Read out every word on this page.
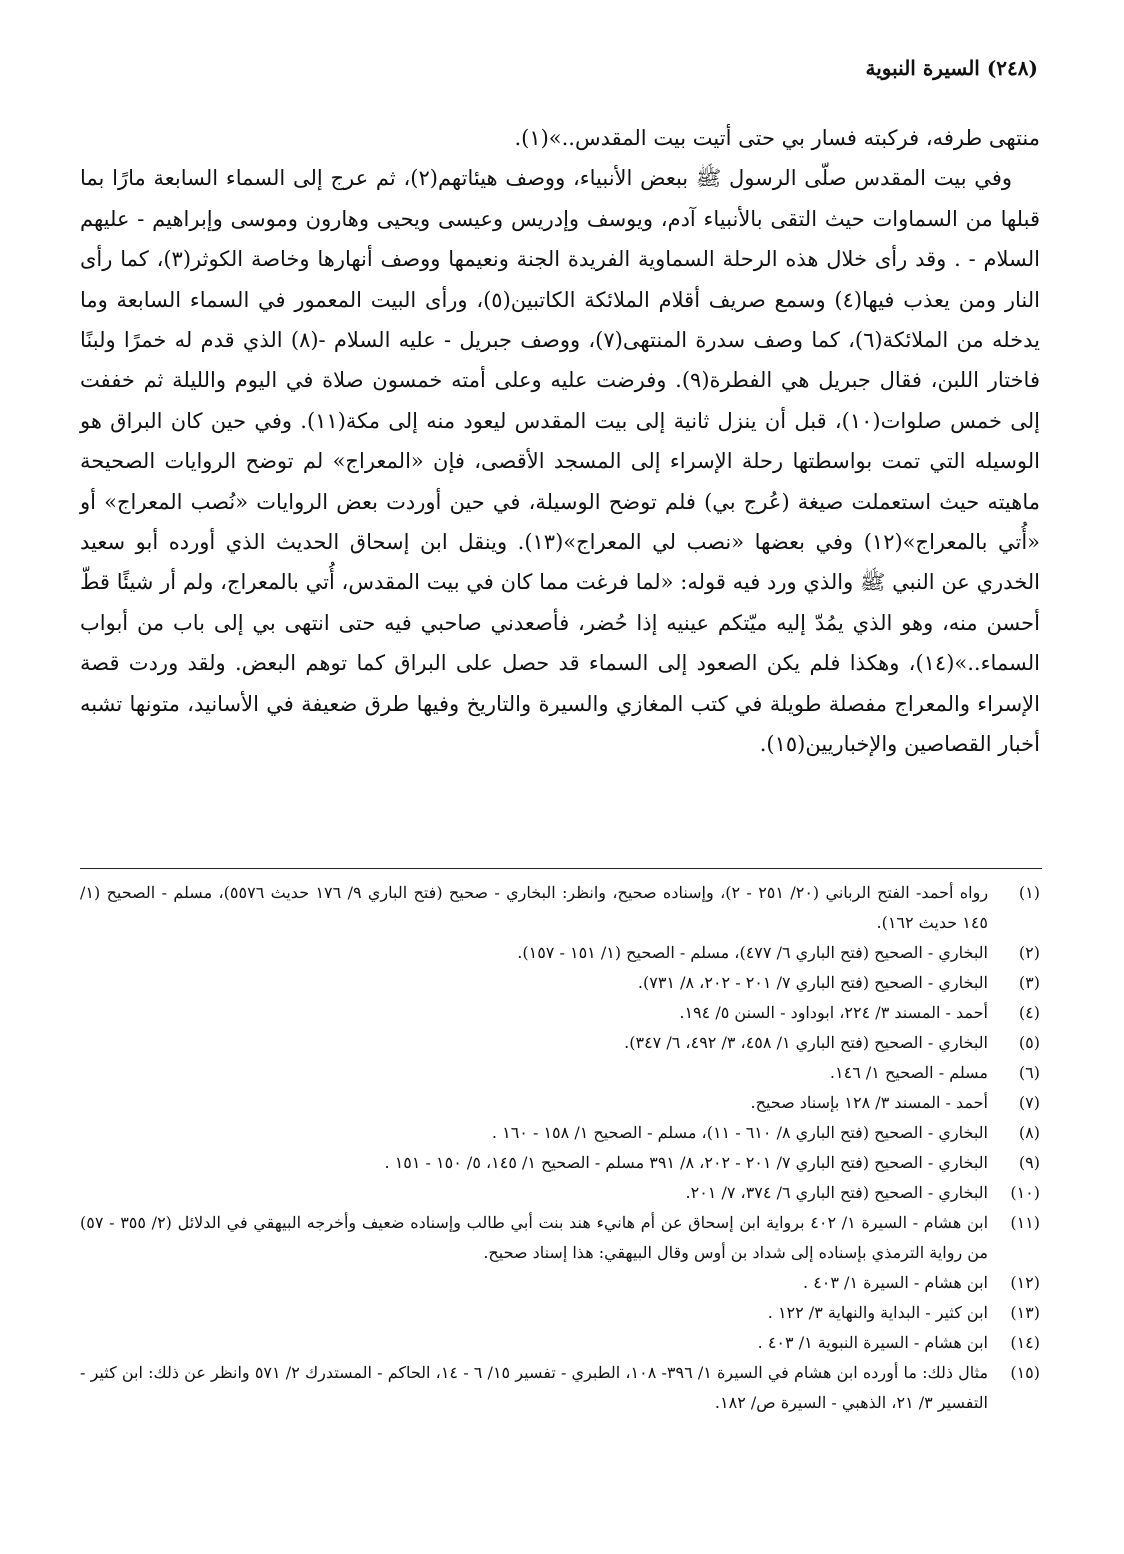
(٢٤٨) السيرة النبوية

منتهى طرفه، فركبته فسار بي حتى أتيت بيت المقدس..»(١).

وفي بيت المقدس صلّى الرسول ﷺ ببعض الأنبياء، ووصف هيئاتهم(٢)، ثم عرج إلى السماء السابعة مارًا بما قبلها من السماوات حيث التقى بالأنبياء آدم، ويوسف وإدريس وعيسى ويحيى وهارون وموسى وإبراهيم - عليهم السلام - . وقد رأى خلال هذه الرحلة السماوية الفريدة الجنة ونعيمها ووصف أنهارها وخاصة الكوثر(٣)، كما رأى النار ومن يعذب فيها(٤) وسمع صريف أقلام الملائكة الكاتبين(٥)، ورأى البيت المعمور في السماء السابعة وما يدخله من الملائكة(٦)، كما وصف سدرة المنتهى(٧)، ووصف جبريل - عليه السلام -(٨) الذي قدم له خمرًا ولبنًا فاختار اللبن، فقال جبريل هي الفطرة(٩). وفرضت عليه وعلى أمته خمسون صلاة في اليوم والليلة ثم خففت إلى خمس صلوات(١٠)، قبل أن ينزل ثانية إلى بيت المقدس ليعود منه إلى مكة(١١). وفي حين كان البراق هو الوسيله التي تمت بواسطتها رحلة الإسراء إلى المسجد الأقصى، فإن «المعراج» لم توضح الروايات الصحيحة ماهيته حيث استعملت صيغة (عُرج بي) فلم توضح الوسيلة، في حين أوردت بعض الروايات «نُصب المعراج» أو «أُتي بالمعراج»(١٢) وفي بعضها «نصب لي المعراج»(١٣). وينقل ابن إسحاق الحديث الذي أورده أبو سعيد الخدري عن النبي ﷺ والذي ورد فيه قوله: «لما فرغت مما كان في بيت المقدس، أُتي بالمعراج، ولم أر شيئًا قطّ أحسن منه، وهو الذي يمُدّ إليه ميّتكم عينيه إذا حُضر، فأصعدني صاحبي فيه حتى انتهى بي إلى باب من أبواب السماء..»(١٤)، وهكذا فلم يكن الصعود إلى السماء قد حصل على البراق كما توهم البعض. ولقد وردت قصة الإسراء والمعراج مفصلة طويلة في كتب المغازي والسيرة والتاريخ وفيها طرق ضعيفة في الأسانيد، متونها تشبه أخبار القصاصين والإخباريين(١٥).

(١)
رواه أحمد- الفتح الرباني (٢٠/ ٢٥١ - ٢)، وإسناده صحيح، وانظر: البخاري - صحيح (فتح الباري ٩/ ١٧٦ حديث ٥٥٧٦)، مسلم - الصحيح (١/ ١٤٥ حديث ١٦٢).
(٢)
البخاري - الصحيح (فتح الباري ٦/ ٤٧٧)، مسلم - الصحيح (١/ ١٥١ - ١٥٧).
(٣)
البخاري - الصحيح (فتح الباري ٧/ ٢٠١ - ٢٠٢، ٨/ ٧٣١).
(٤)
أحمد - المسند ٣/ ٢٢٤، ابوداود - السنن ٥/ ١٩٤.
(٥)
البخاري - الصحيح (فتح الباري ١/ ٤٥٨، ٣/ ٤٩٢، ٦/ ٣٤٧).
(٦)
مسلم - الصحيح ١/ ١٤٦.
(٧)
أحمد - المسند ٣/ ١٢٨ بإسناد صحيح.
(٨)
البخاري - الصحيح (فتح الباري ٨/ ٦١٠ - ١١)، مسلم - الصحيح ١/ ١٥٨ - ١٦٠ .
(٩)
البخاري - الصحيح (فتح الباري ٧/ ٢٠١ - ٢٠٢، ٨/ ٣٩١ مسلم - الصحيح ١/ ١٤٥، ٥/ ١٥٠ - ١٥١ .
(١٠)
البخاري - الصحيح (فتح الباري ٦/ ٣٧٤، ٧/ ٢٠١.
(١١)
ابن هشام - السيرة ١/ ٤٠٢ برواية ابن إسحاق عن أم هانيء هند بنت أبي طالب وإسناده ضعيف وأخرجه البيهقي في الدلائل (٢/ ٣٥٥ - ٥٧) من رواية الترمذي بإسناده إلى شداد بن أوس وقال البيهقي: هذا إسناد صحيح.
(١٢)
ابن هشام - السيرة ١/ ٤٠٣ .
(١٣)
ابن كثير - البداية والنهاية ٣/ ١٢٢ .
(١٤)
ابن هشام - السيرة النبوية ١/ ٤٠٣ .
(١٥)
مثال ذلك: ما أورده ابن هشام في السيرة ١/ ٣٩٦- ١٠٨، الطبري - تفسير ١٥/ ٦ - ١٤، الحاكم - المستدرك ٢/ ٥٧١ وانظر عن ذلك: ابن كثير - التفسير ٣/ ٢١، الذهبي - السيرة ص/ ١٨٢.
